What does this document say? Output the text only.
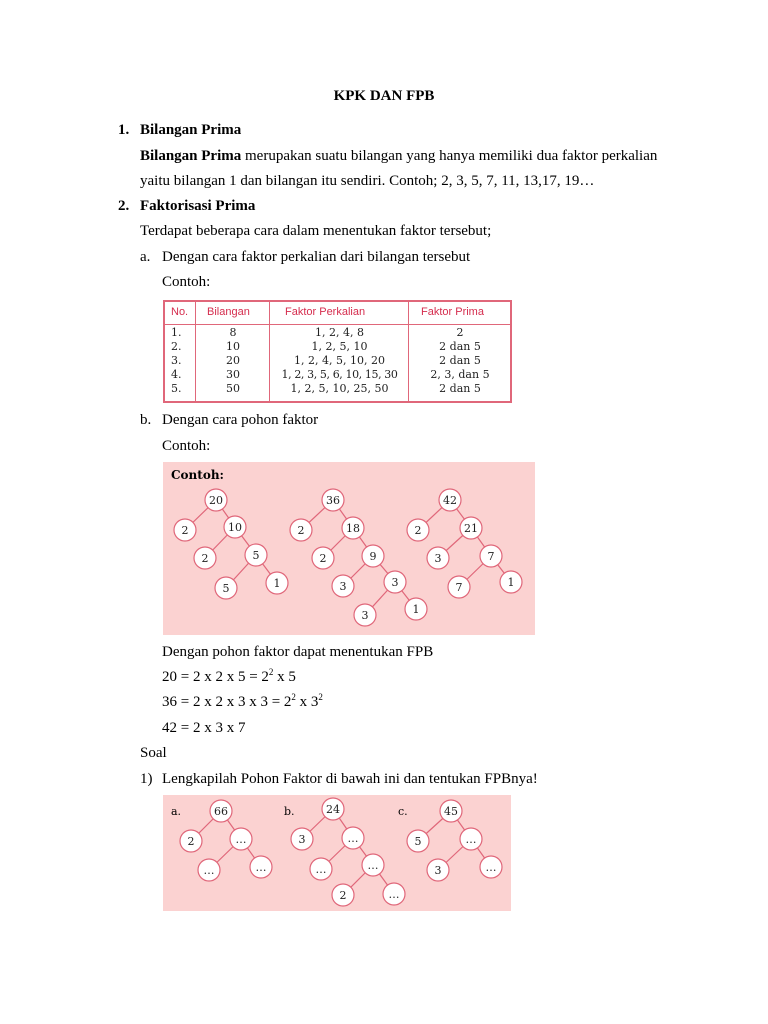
KPK DAN FPB
1. Bilangan Prima
Bilangan Prima merupakan suatu bilangan yang hanya memiliki dua faktor perkalian
yaitu bilangan 1 dan bilangan itu sendiri. Contoh; 2, 3, 5, 7, 11, 13,17, 19…
2. Faktorisasi Prima
Terdapat beberapa cara dalam menentukan faktor tersebut;
a. Dengan cara faktor perkalian dari bilangan tersebut
Contoh:
No. Bilangan	Faktor Perkalian	Faktor Prima
1.	8	1, 2, 4, 8	2
2.	10	1, 2, 5, 10	2 dan 5
3.	20	1, 2, 4, 5, 10, 20	2 dan 5
4.	30	1, 2, 3, 5, 6, 10, 15, 30	2, 3, dan 5
5.	50	1, 2, 5, 10, 25, 50	2 dan 5
b. Dengan cara pohon faktor
Contoh:
Contoh:
20
2	10
2	5
5	1
36
2	18
2	9
3	3
3	1
42
2	21
3	7
7	1
Dengan pohon faktor dapat menentukan FPB
20 = 2 x 2 x $5 = 2^2$ x 5
36 = 2 x 2 x 3 x $3 = 2^2$ x $3^2$
42 = 2 x 3 x 7
Soal
1) Lengkapilah Pohon Faktor di bawah ini dan tentukan FPBnya!
a.	b.	c.
66
2	…
…	…
24
3	…
…	…
2	…
45
5	…
3	…
